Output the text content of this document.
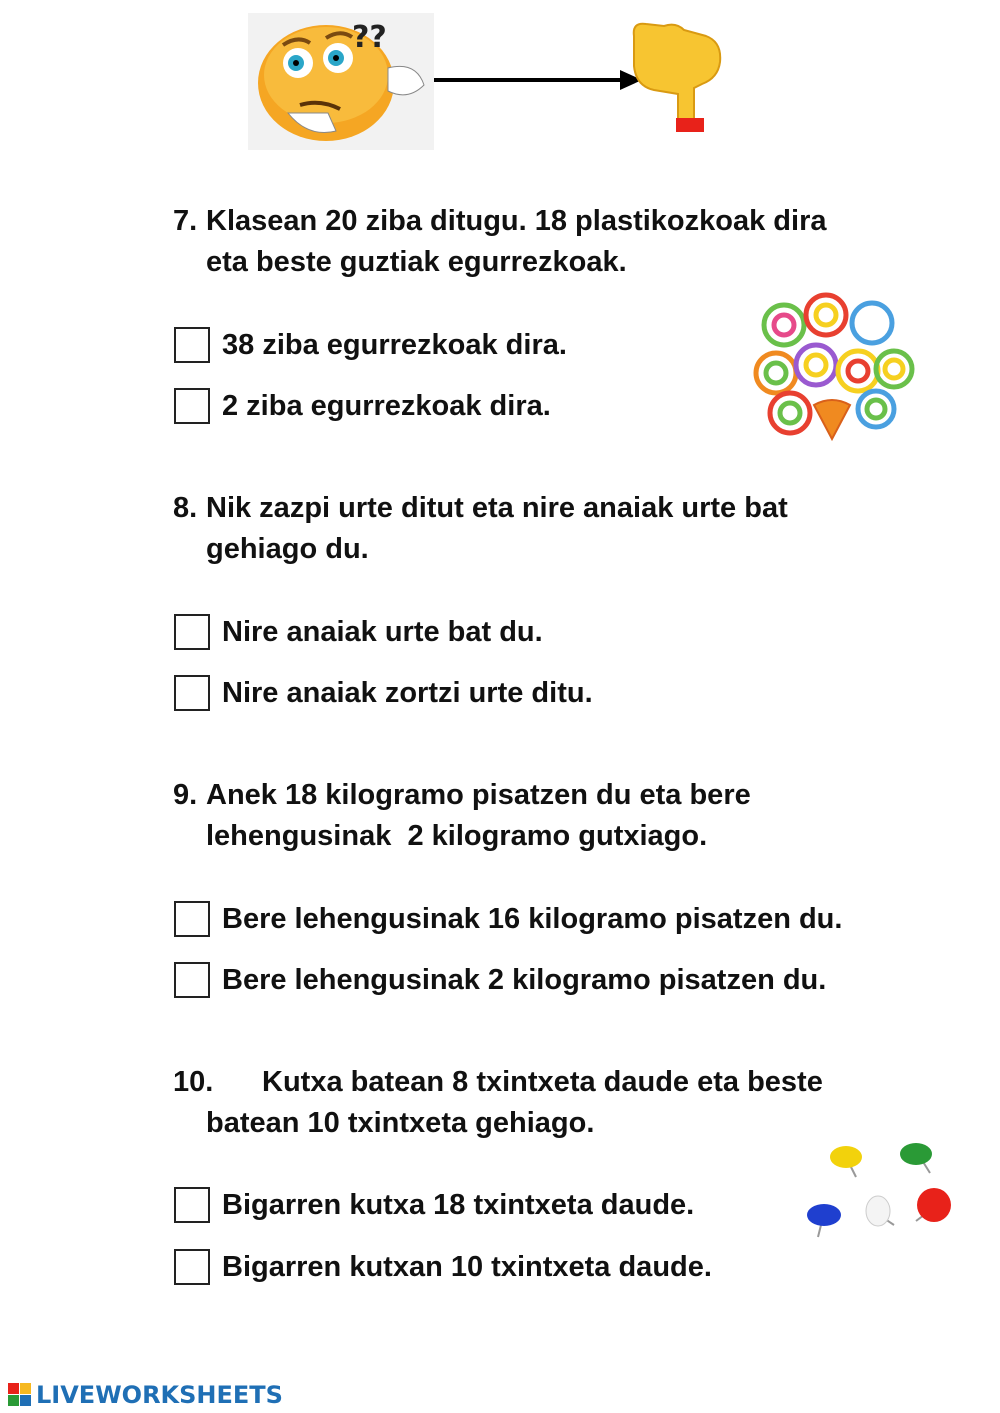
??
7. Klasean 20 ziba ditugu. 18 plastikozkoak dira
eta beste guztiak egurrezkoak.
38 ziba egurrezkoak dira.
2 ziba egurrezkoak dira.
8. Nik zazpi urte ditut eta nire anaiak urte bat
gehiago du.
Nire anaiak urte bat du.
Nire anaiak zortzi urte ditu.
9. Anek 18 kilogramo pisatzen du eta bere
lehengusinak  2 kilogramo gutxiago.
Bere lehengusinak 16 kilogramo pisatzen du.
Bere lehengusinak 2 kilogramo pisatzen du.
10. Kutxa batean 8 txintxeta daude eta beste
batean 10 txintxeta gehiago.
Bigarren kutxa 18 txintxeta daude.
Bigarren kutxan 10 txintxeta daude.
LIVEWORKSHEETS
